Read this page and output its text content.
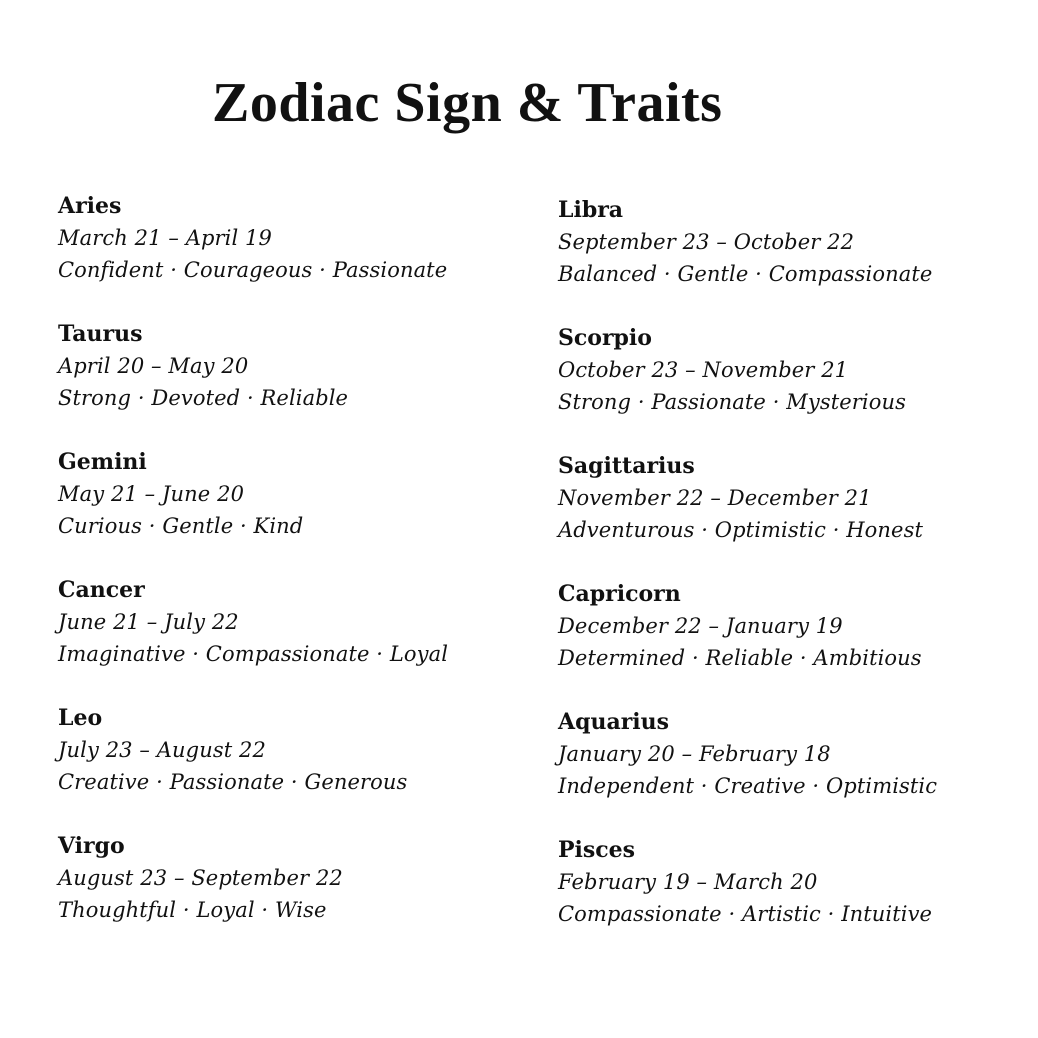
Zodiac Sign & Traits
Aries
March 21 – April 19
Confident · Courageous · Passionate
Taurus
April 20 – May 20
Strong · Devoted · Reliable
Gemini
May 21 – June 20
Curious · Gentle · Kind
Cancer
June 21 – July 22
Imaginative · Compassionate · Loyal
Leo
July 23 – August 22
Creative · Passionate · Generous
Virgo
August 23 – September 22
Thoughtful · Loyal · Wise
Libra
September 23 – October 22
Balanced · Gentle · Compassionate
Scorpio
October 23 – November 21
Strong · Passionate · Mysterious
Sagittarius
November 22 – December 21
Adventurous · Optimistic · Honest
Capricorn
December 22 – January 19
Determined · Reliable · Ambitious
Aquarius
January 20 – February 18
Independent · Creative · Optimistic
Pisces
February 19 – March 20
Compassionate · Artistic · Intuitive
